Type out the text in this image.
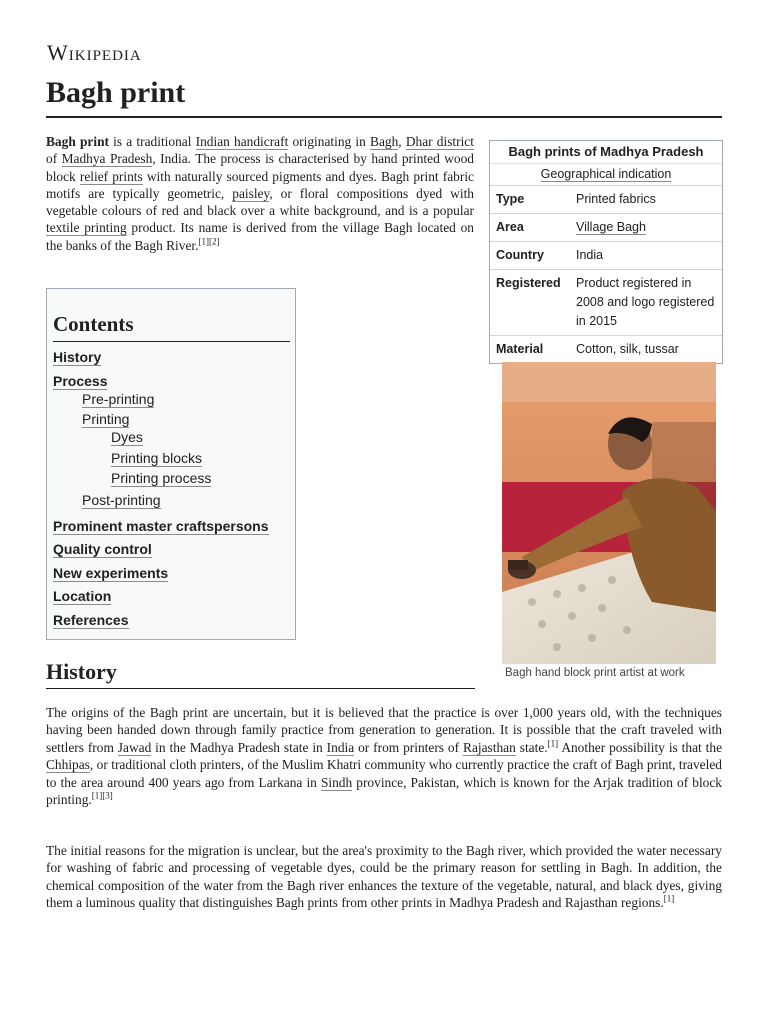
Wikipedia
Bagh print

Bagh print is a traditional Indian handicraft originating in Bagh, Dhar district of Madhya Pradesh, India. The process is characterised by hand printed wood block relief prints with naturally sourced pigments and dyes. Bagh print fabric motifs are typically geometric, paisley, or floral compositions dyed with vegetable colours of red and black over a white background, and is a popular textile printing product. Its name is derived from the village Bagh located on the banks of the Bagh River.[1][2]

Bagh prints of Madhya Pradesh
Geographical indication
Type	Printed fabrics
Area	Village Bagh
Country	India
Registered	Product registered in 2008 and logo registered in 2015
Material	Cotton, silk, tussar
Bagh hand block print artist at work
Contents
History
Process
Pre-printing
Printing
Dyes
Printing blocks
Printing process
Post-printing
Prominent master craftspersons
Quality control
New experiments
Location
References
History

The origins of the Bagh print are uncertain, but it is believed that the practice is over 1,000 years old, with the techniques having been handed down through family practice from generation to generation. It is possible that the craft traveled with settlers from Jawad in the Madhya Pradesh state in India or from printers of Rajasthan state.[1] Another possibility is that the Chhipas, or traditional cloth printers, of the Muslim Khatri community who currently practice the craft of Bagh print, traveled to the area around 400 years ago from Larkana in Sindh province, Pakistan, which is known for the Arjak tradition of block printing.[1][3]

The initial reasons for the migration is unclear, but the area's proximity to the Bagh river, which provided the water necessary for washing of fabric and processing of vegetable dyes, could be the primary reason for settling in Bagh. In addition, the chemical composition of the water from the Bagh river enhances the texture of the vegetable, natural, and black dyes, giving them a luminous quality that distinguishes Bagh prints from other prints in Madhya Pradesh and Rajasthan regions.[1]
